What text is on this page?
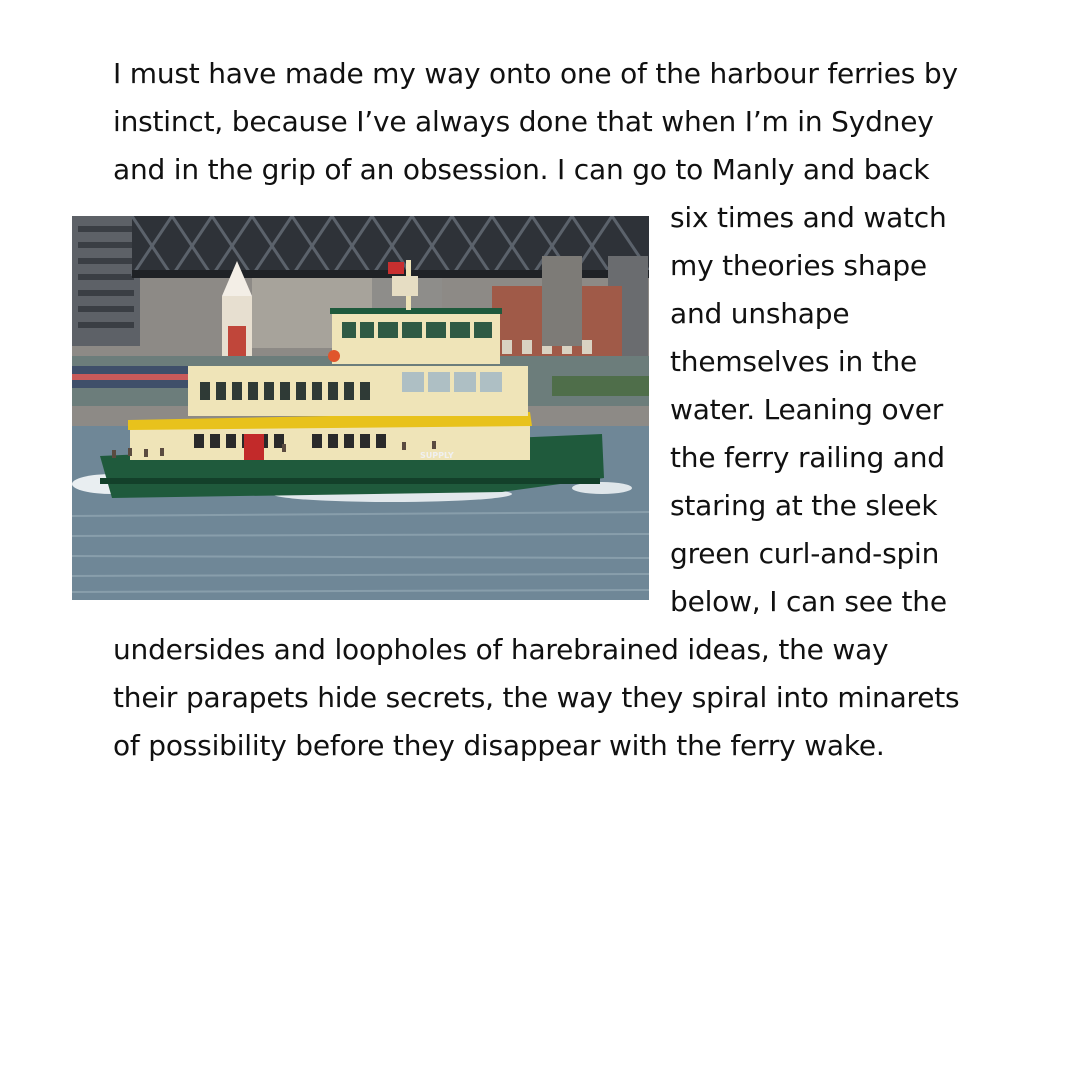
I must have made my way onto one of the harbour ferries by
instinct, because I’ve always done that when I’m in Sydney
and in the grip of an obsession. I can go to Manly and back
six times and watch
my theories shape
and unshape
themselves in the
water. Leaning over
the ferry railing and
staring at the sleek
green curl-and-spin
below, I can see the
undersides and loopholes of harebrained ideas, the way
their parapets hide secrets, the way they spiral into minarets
of possibility before they disappear with the ferry wake.
SUPPLY
